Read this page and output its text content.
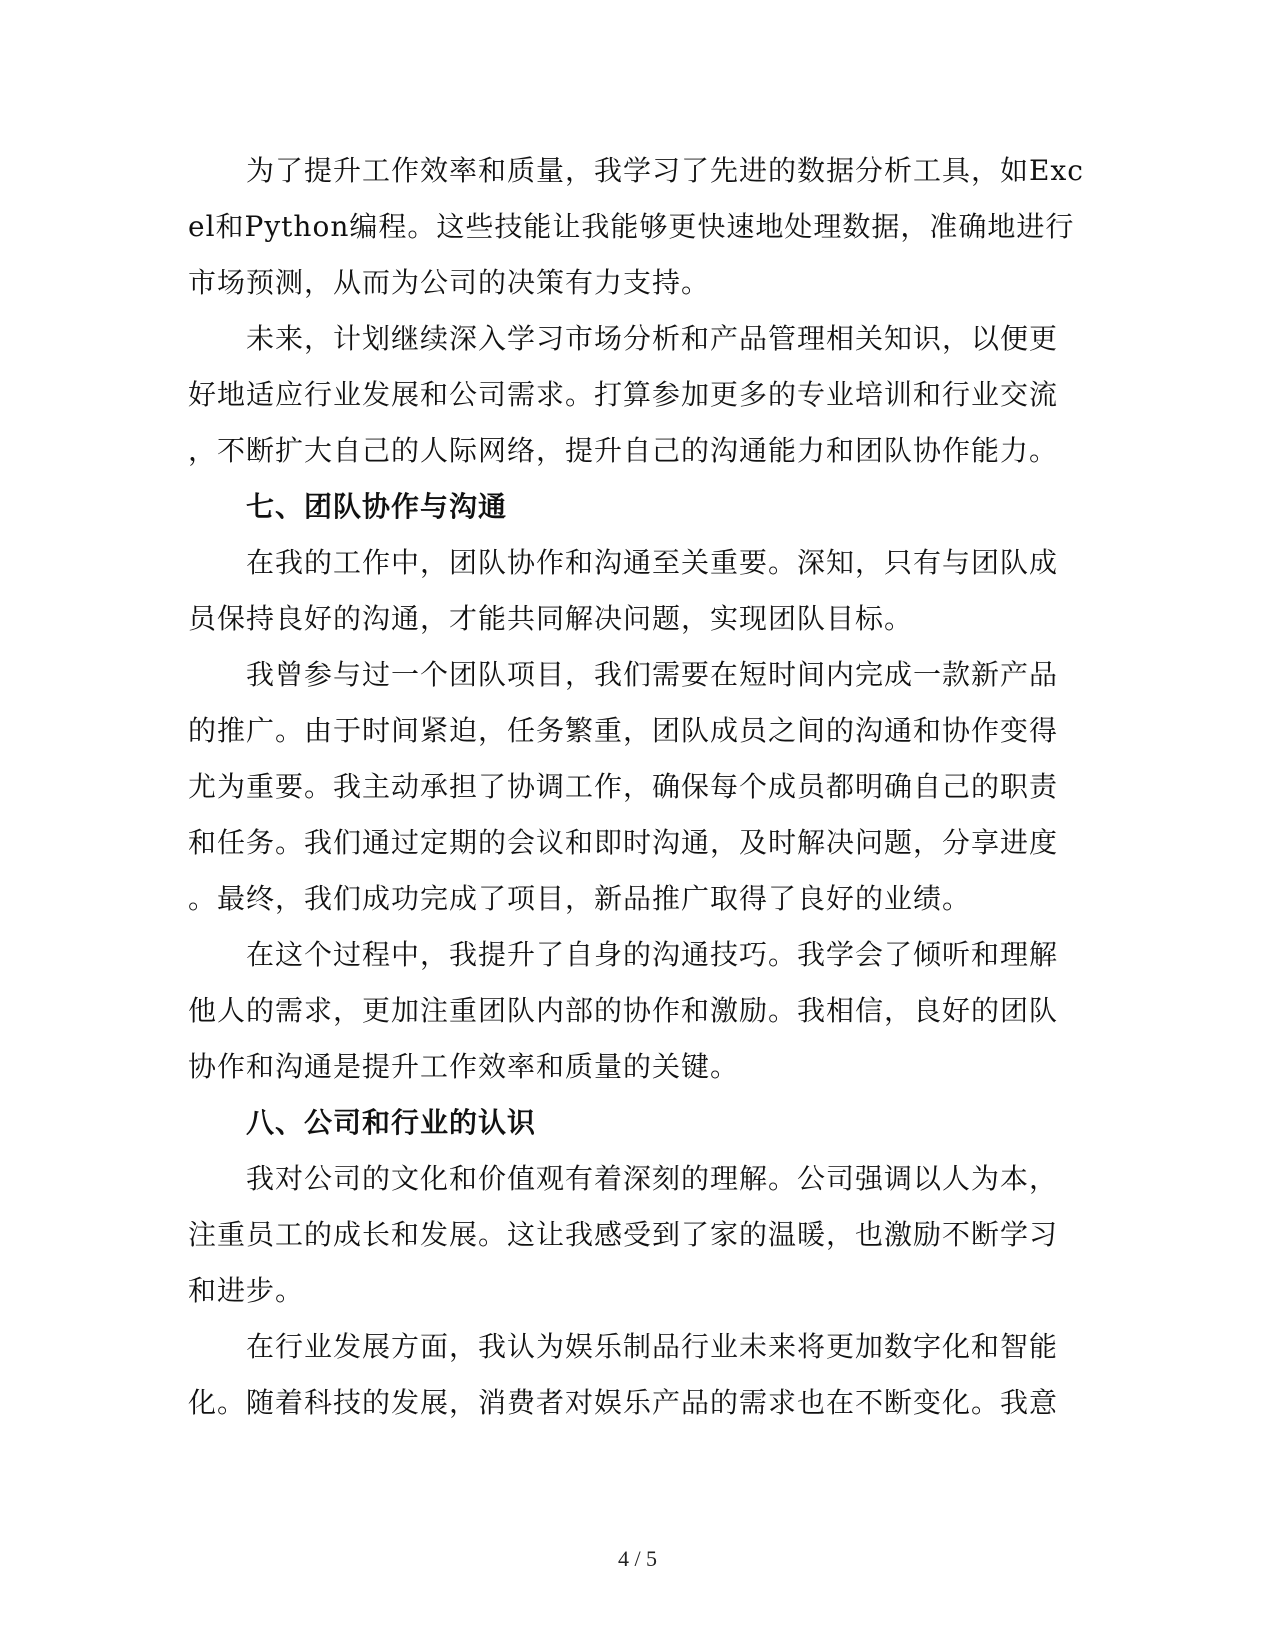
为了提升工作效率和质量，我学习了先进的数据分析工具，如Exc
el和Python编程。这些技能让我能够更快速地处理数据，准确地进行
市场预测，从而为公司的决策有力支持。

未来，计划继续深入学习市场分析和产品管理相关知识，以便更
好地适应行业发展和公司需求。打算参加更多的专业培训和行业交流
，不断扩大自己的人际网络，提升自己的沟通能力和团队协作能力。

七、团队协作与沟通

在我的工作中，团队协作和沟通至关重要。深知，只有与团队成
员保持良好的沟通，才能共同解决问题，实现团队目标。

我曾参与过一个团队项目，我们需要在短时间内完成一款新产品
的推广。由于时间紧迫，任务繁重，团队成员之间的沟通和协作变得
尤为重要。我主动承担了协调工作，确保每个成员都明确自己的职责
和任务。我们通过定期的会议和即时沟通，及时解决问题，分享进度
。最终，我们成功完成了项目，新品推广取得了良好的业绩。

在这个过程中，我提升了自身的沟通技巧。我学会了倾听和理解
他人的需求，更加注重团队内部的协作和激励。我相信，良好的团队
协作和沟通是提升工作效率和质量的关键。

八、公司和行业的认识

我对公司的文化和价值观有着深刻的理解。公司强调以人为本，
注重员工的成长和发展。这让我感受到了家的温暖，也激励不断学习
和进步。

在行业发展方面，我认为娱乐制品行业未来将更加数字化和智能
化。随着科技的发展，消费者对娱乐产品的需求也在不断变化。我意

4 / 5
